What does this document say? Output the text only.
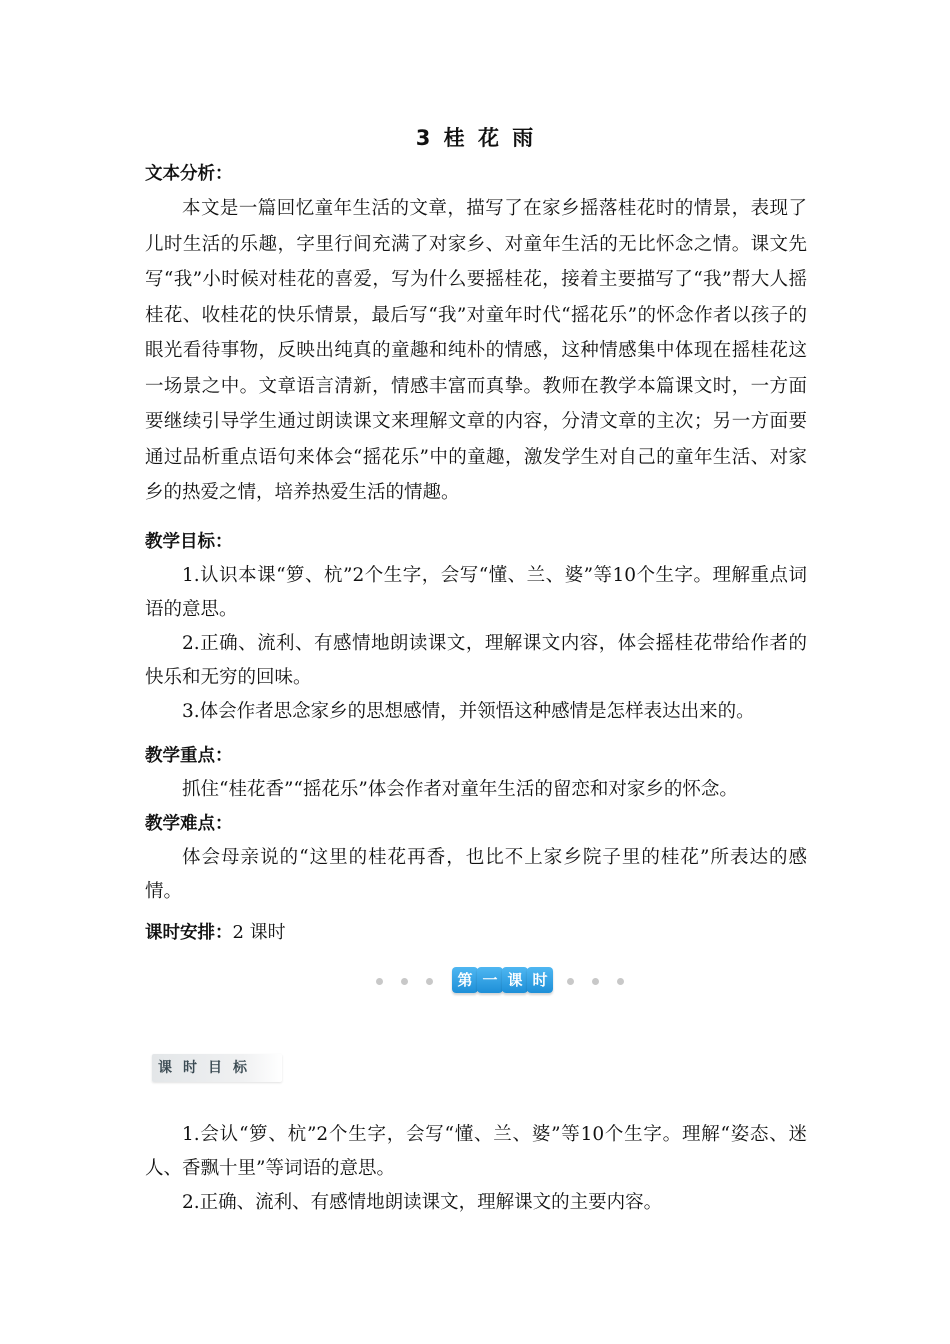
3 桂 花 雨
文本分析：
本文是一篇回忆童年生活的文章，描写了在家乡摇落桂花时的情景，表现了儿时生活的乐趣，字里行间充满了对家乡、对童年生活的无比怀念之情。课文先写“我”小时候对桂花的喜爱，写为什么要摇桂花，接着主要描写了“我”帮大人摇桂花、收桂花的快乐情景，最后写“我”对童年时代“摇花乐”的怀念作者以孩子的眼光看待事物，反映出纯真的童趣和纯朴的情感，这种情感集中体现在摇桂花这一场景之中。文章语言清新，情感丰富而真挚。教师在教学本篇课文时，一方面要继续引导学生通过朗读课文来理解文章的内容，分清文章的主次；另一方面要通过品析重点语句来体会“摇花乐”中的童趣，激发学生对自己的童年生活、对家乡的热爱之情，培养热爱生活的情趣。
教学目标：
1.认识本课“箩、杭”2个生字，会写“懂、兰、婆”等10个生字。理解重点词语的意思。
2.正确、流利、有感情地朗读课文，理解课文内容，体会摇桂花带给作者的快乐和无穷的回味。
3.体会作者思念家乡的思想感情，并领悟这种感情是怎样表达出来的。
教学重点：
抓住“桂花香”“摇花乐”体会作者对童年生活的留恋和对家乡的怀念。
教学难点：
体会母亲说的“这里的桂花再香，也比不上家乡院子里的桂花”所表达的感情。
课时安排：2 课时
课时目标
1.会认“箩、杭”2个生字，会写“懂、兰、婆”等10个生字。理解“姿态、迷人、香飘十里”等词语的意思。
2.正确、流利、有感情地朗读课文，理解课文的主要内容。
第 一 课 时
